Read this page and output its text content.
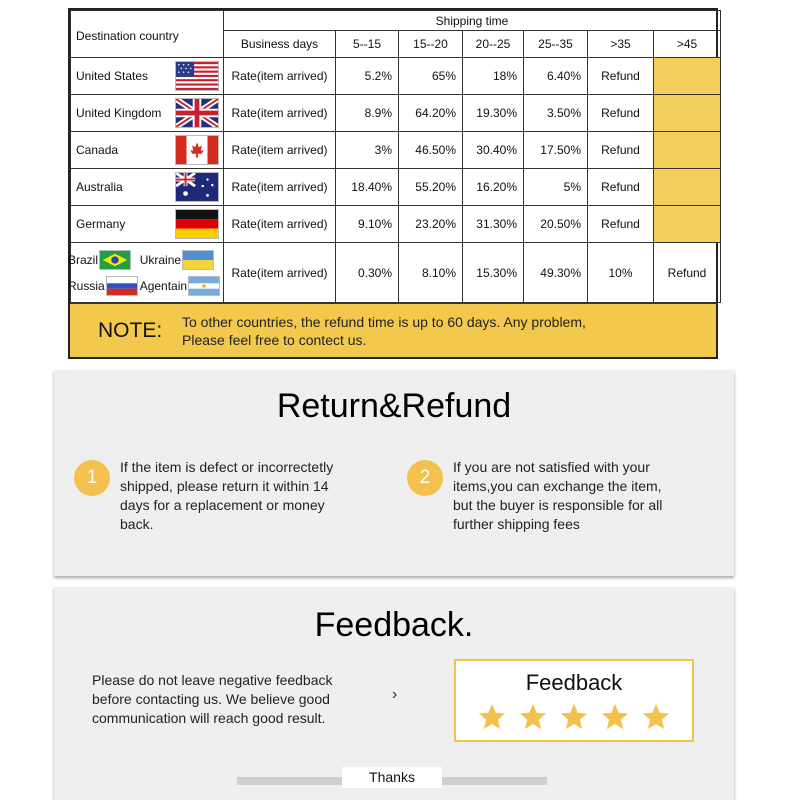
Destination country	Shipping time						
	Business days	5--15	15--20	20--25	25--35	>35	>45

United States	Rate(item arrived)	5.2%	65%	18%	6.40%	Refund	

United Kingdom	Rate(item arrived)	8.9%	64.20%	19.30%	3.50%	Refund	

Canada	Rate(item arrived)	3%	46.50%	30.40%	17.50%	Refund	

Australia	Rate(item arrived)	18.40%	55.20%	16.20%	5%	Refund	

Germany	Rate(item arrived)	9.10%	23.20%	31.30%	20.50%	Refund	

Brazil Ukraine
Russia Agentain	Rate(item arrived)	0.30%	8.10%	15.30%	49.30%	10%	Refund
NOTE:	To other countries, the refund time is up to 60 days. Any problem,
Please feel free to contect us.
Return&Refund
1	If the item is defect or incorrectetly
shipped, please return it within 14
days for a replacement or money
back.
2	If you are not satisfied with your
items,you can exchange the item,
but the buyer is responsible for all
further shipping fees
Feedback.
Please do not leave negative feedback
before contacting us. We believe good
communication will reach good result.
›	Feedback
Thanks
